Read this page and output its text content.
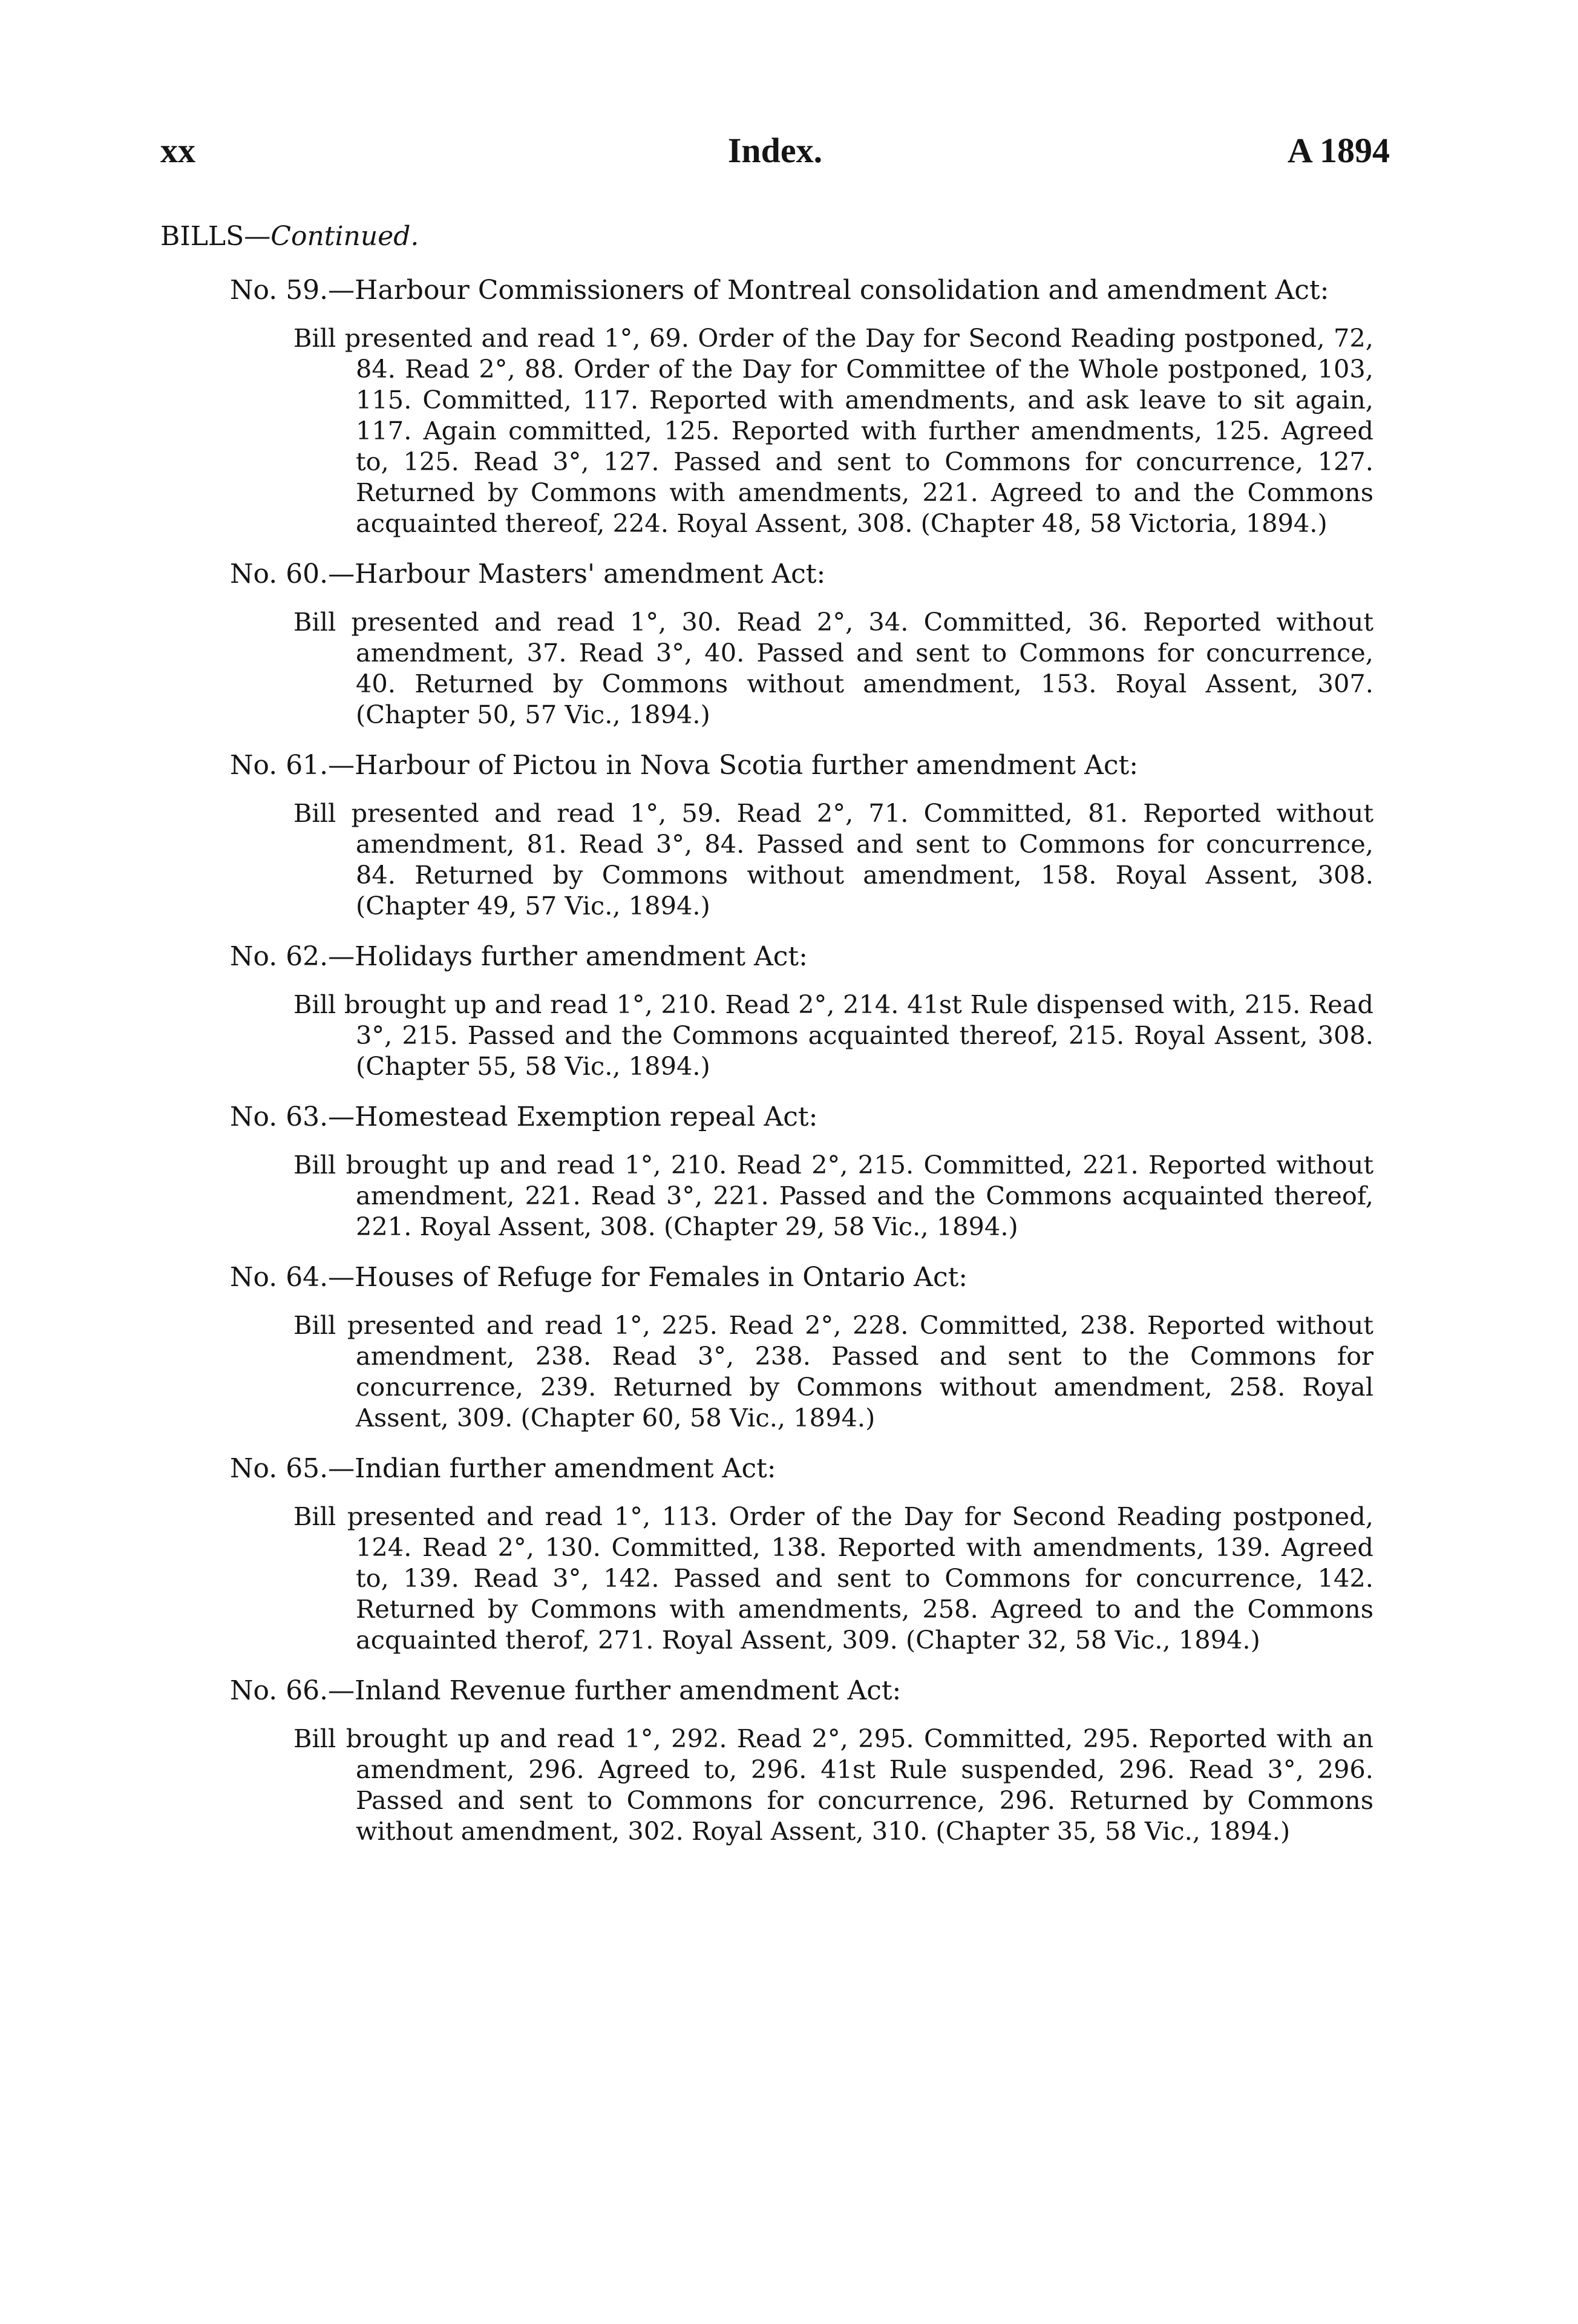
Index.
xx	A 1894
BILLS—Continued.
No. 59.—Harbour Commissioners of Montreal consolidation and amendment Act:
Bill presented and read 1°, 69. Order of the Day for Second Reading postponed, 72, 84. Read 2°, 88. Order of the Day for Committee of the Whole postponed, 103, 115. Committed, 117. Reported with amendments, and ask leave to sit again, 117. Again committed, 125. Reported with further amendments, 125. Agreed to, 125. Read 3°, 127. Passed and sent to Commons for concurrence, 127. Returned by Commons with amendments, 221. Agreed to and the Commons acquainted thereof, 224. Royal Assent, 308. (Chapter 48, 58 Victoria, 1894.)
No. 60.—Harbour Masters' amendment Act:
Bill presented and read 1°, 30. Read 2°, 34. Committed, 36. Reported without amendment, 37. Read 3°, 40. Passed and sent to Commons for concurrence, 40. Returned by Commons without amendment, 153. Royal Assent, 307. (Chapter 50, 57 Vic., 1894.)
No. 61.—Harbour of Pictou in Nova Scotia further amendment Act:
Bill presented and read 1°, 59. Read 2°, 71. Committed, 81. Reported without amendment, 81. Read 3°, 84. Passed and sent to Commons for concurrence, 84. Returned by Commons without amendment, 158. Royal Assent, 308. (Chapter 49, 57 Vic., 1894.)
No. 62.—Holidays further amendment Act:
Bill brought up and read 1°, 210. Read 2°, 214. 41st Rule dispensed with, 215. Read 3°, 215. Passed and the Commons acquainted thereof, 215. Royal Assent, 308. (Chapter 55, 58 Vic., 1894.)
No. 63.—Homestead Exemption repeal Act:
Bill brought up and read 1°, 210. Read 2°, 215. Committed, 221. Reported without amendment, 221. Read 3°, 221. Passed and the Commons acquainted thereof, 221. Royal Assent, 308. (Chapter 29, 58 Vic., 1894.)
No. 64.—Houses of Refuge for Females in Ontario Act:
Bill presented and read 1°, 225. Read 2°, 228. Committed, 238. Reported without amendment, 238. Read 3°, 238. Passed and sent to the Commons for concurrence, 239. Returned by Commons without amendment, 258. Royal Assent, 309. (Chapter 60, 58 Vic., 1894.)
No. 65.—Indian further amendment Act:
Bill presented and read 1°, 113. Order of the Day for Second Reading postponed, 124. Read 2°, 130. Committed, 138. Reported with amendments, 139. Agreed to, 139. Read 3°, 142. Passed and sent to Commons for concurrence, 142. Returned by Commons with amendments, 258. Agreed to and the Commons acquainted therof, 271. Royal Assent, 309. (Chapter 32, 58 Vic., 1894.)
No. 66.—Inland Revenue further amendment Act:
Bill brought up and read 1°, 292. Read 2°, 295. Committed, 295. Reported with an amendment, 296. Agreed to, 296. 41st Rule suspended, 296. Read 3°, 296. Passed and sent to Commons for concurrence, 296. Returned by Commons without amendment, 302. Royal Assent, 310. (Chapter 35, 58 Vic., 1894.)
